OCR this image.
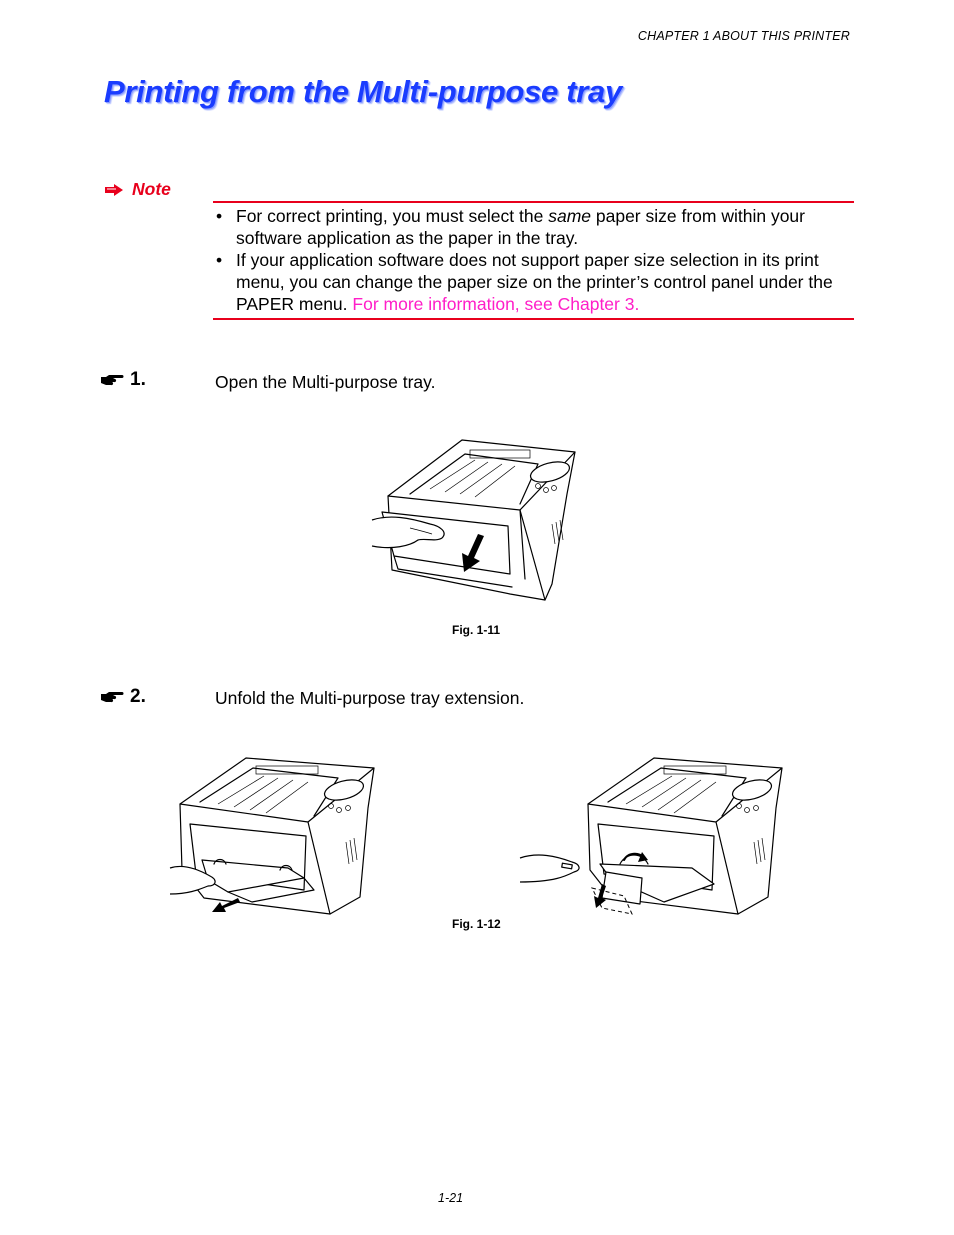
CHAPTER 1 ABOUT THIS PRINTER
Printing from the Multi-purpose tray
Note
• For correct printing, you must select the same paper size from within your software application as the paper in the tray.
• If your application software does not support paper size selection in its print menu, you can change the paper size on the printer’s control panel under the PAPER menu. For more information, see Chapter 3.
1.	Open the Multi-purpose tray.
Fig. 1-11
2.	Unfold the Multi-purpose tray extension.
Fig. 1-12
1-21
